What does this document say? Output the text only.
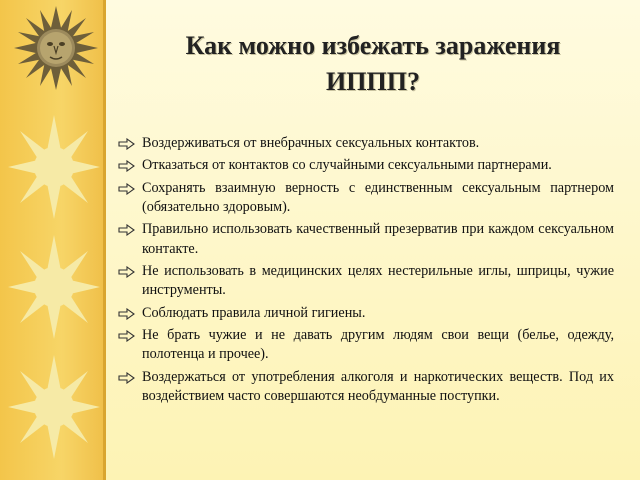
Как можно избежать заражения
ИППП?
Воздерживаться от внебрачных сексуальных контактов.
Отказаться от контактов со случайными сексуальными партнерами.
Сохранять взаимную верность с единственным сексуальным партнером (обязательно здоровым).
Правильно использовать качественный презерватив при каждом сексуальном контакте.
Не использовать в медицинских целях нестерильные иглы, шприцы, чужие инструменты.
Соблюдать правила личной гигиены.
Не брать чужие и не давать другим людям свои вещи (белье, одежду, полотенца и прочее).
Воздержаться от употребления алкоголя и наркотических веществ. Под их воздействием часто совершаются необдуманные поступки.
